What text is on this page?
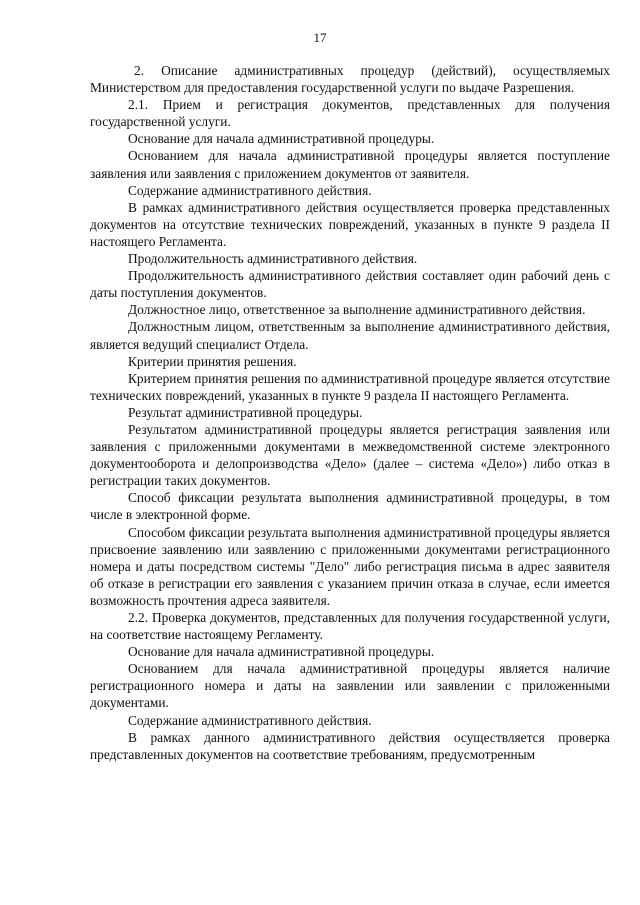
17

2. Описание административных процедур (действий), осуществляемых Министерством для предоставления государственной услуги по выдаче Разрешения.

2.1. Прием и регистрация документов, представленных для получения государственной услуги.

Основание для начала административной процедуры.

Основанием для начала административной процедуры является поступление заявления или заявления с приложением документов от заявителя.

Содержание административного действия.

В рамках административного действия осуществляется проверка представленных документов на отсутствие технических повреждений, указанных в пункте 9 раздела II настоящего Регламента.

Продолжительность административного действия.

Продолжительность административного действия составляет один рабочий день с даты поступления документов.

Должностное лицо, ответственное за выполнение административного действия.

Должностным лицом, ответственным за выполнение административного действия, является ведущий специалист Отдела.

Критерии принятия решения.

Критерием принятия решения по административной процедуре является отсутствие технических повреждений, указанных в пункте 9 раздела II настоящего Регламента.

Результат административной процедуры.

Результатом административной процедуры является регистрация заявления или заявления с приложенными документами в межведомственной системе электронного документооборота и делопроизводства «Дело» (далее – система «Дело») либо отказ в регистрации таких документов.

Способ фиксации результата выполнения административной процедуры, в том числе в электронной форме.

Способом фиксации результата выполнения административной процедуры является присвоение заявлению или заявлению с приложенными документами регистрационного номера и даты посредством системы "Дело" либо регистрация письма в адрес заявителя об отказе в регистрации его заявления с указанием причин отказа в случае, если имеется возможность прочтения адреса заявителя.

2.2. Проверка документов, представленных для получения государственной услуги, на соответствие настоящему Регламенту.

Основание для начала административной процедуры.

Основанием для начала административной процедуры является наличие регистрационного номера и даты на заявлении или заявлении с приложенными документами.

Содержание административного действия.

В рамках данного административного действия осуществляется проверка представленных документов на соответствие требованиям, предусмотренным
